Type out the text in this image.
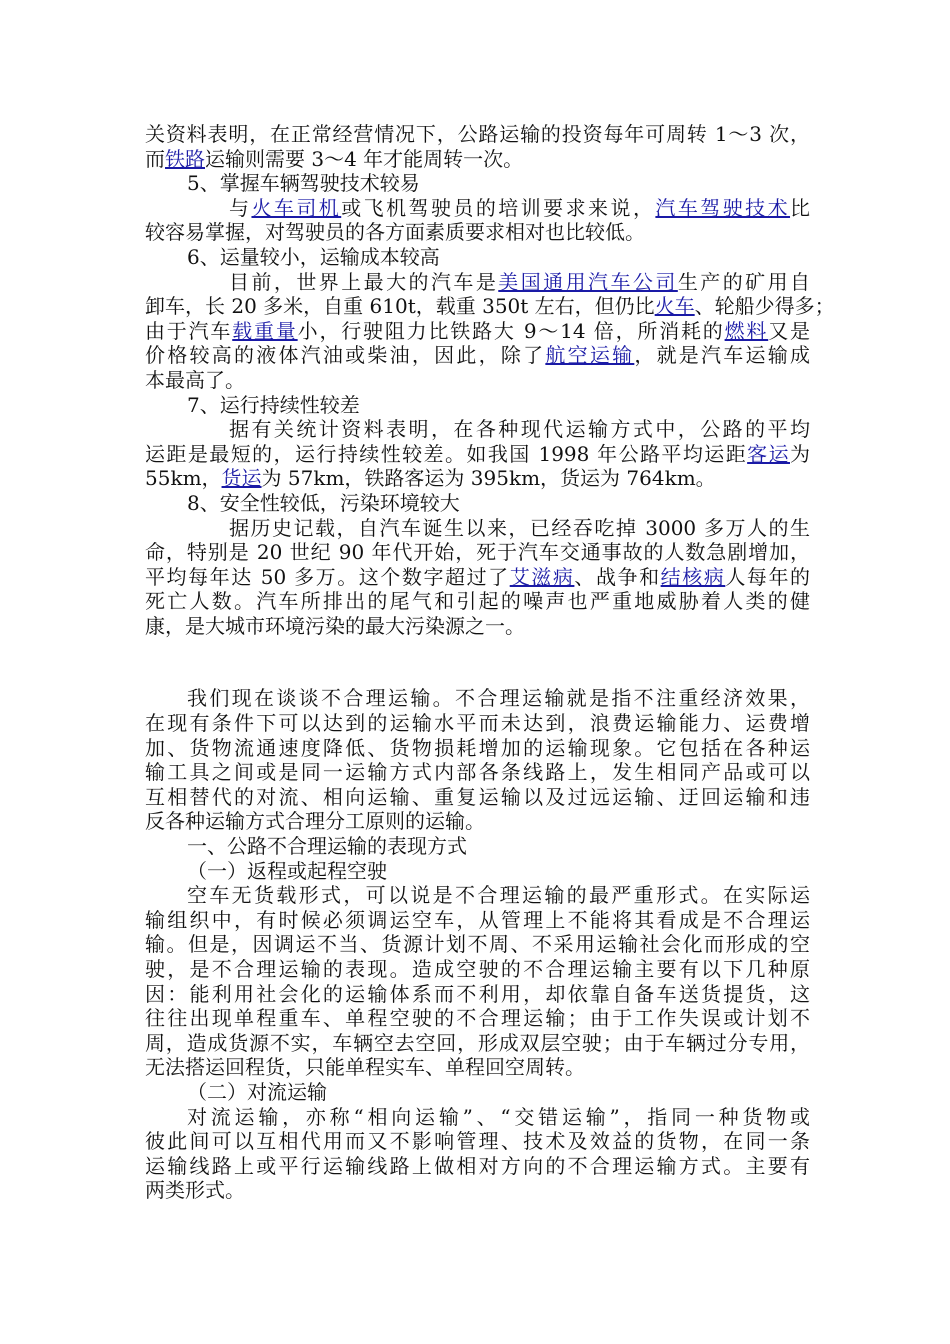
关资料表明，在正常经营情况下，公路运输的投资每年可周转 1～3 次，
而铁路运输则需要 3～4 年才能周转一次。
5、掌握车辆驾驶技术较易
与火车司机或飞机驾驶员的培训要求来说，汽车驾驶技术比
较容易掌握，对驾驶员的各方面素质要求相对也比较低。
6、运量较小，运输成本较高
目前，世界上最大的汽车是美国通用汽车公司生产的矿用自
卸车，长 20 多米，自重 610t，载重 350t 左右，但仍比火车、轮船少得多；
由于汽车载重量小，行驶阻力比铁路大 9～14 倍，所消耗的燃料又是
价格较高的液体汽油或柴油，因此，除了航空运输，就是汽车运输成
本最高了。
7、运行持续性较差
据有关统计资料表明，在各种现代运输方式中，公路的平均
运距是最短的，运行持续性较差。如我国 1998 年公路平均运距客运为
55km，货运为 57km，铁路客运为 395km，货运为 764km。
8、安全性较低，污染环境较大
据历史记载，自汽车诞生以来，已经吞吃掉 3000 多万人的生
命，特别是 20 世纪 90 年代开始，死于汽车交通事故的人数急剧增加，
平均每年达 50 多万。这个数字超过了艾滋病、战争和结核病人每年的
死亡人数。汽车所排出的尾气和引起的噪声也严重地威胁着人类的健
康，是大城市环境污染的最大污染源之一。
我们现在谈谈不合理运输。不合理运输就是指不注重经济效果，
在现有条件下可以达到的运输水平而未达到，浪费运输能力、运费增
加、货物流通速度降低、货物损耗增加的运输现象。它包括在各种运
输工具之间或是同一运输方式内部各条线路上，发生相同产品或可以
互相替代的对流、相向运输、重复运输以及过远运输、迂回运输和违
反各种运输方式合理分工原则的运输。
一、公路不合理运输的表现方式
（一）返程或起程空驶
空车无货载形式，可以说是不合理运输的最严重形式。在实际运
输组织中，有时候必须调运空车，从管理上不能将其看成是不合理运
输。但是，因调运不当、货源计划不周、不采用运输社会化而形成的空
驶，是不合理运输的表现。造成空驶的不合理运输主要有以下几种原
因：能利用社会化的运输体系而不利用，却依靠自备车送货提货，这
往往出现单程重车、单程空驶的不合理运输；由于工作失误或计划不
周，造成货源不实，车辆空去空回，形成双层空驶；由于车辆过分专用，
无法搭运回程货，只能单程实车、单程回空周转。
（二）对流运输
对流运输，亦称“相向运输”、“交错运输”，指同一种货物或
彼此间可以互相代用而又不影响管理、技术及效益的货物，在同一条
运输线路上或平行运输线路上做相对方向的不合理运输方式。主要有
两类形式。
